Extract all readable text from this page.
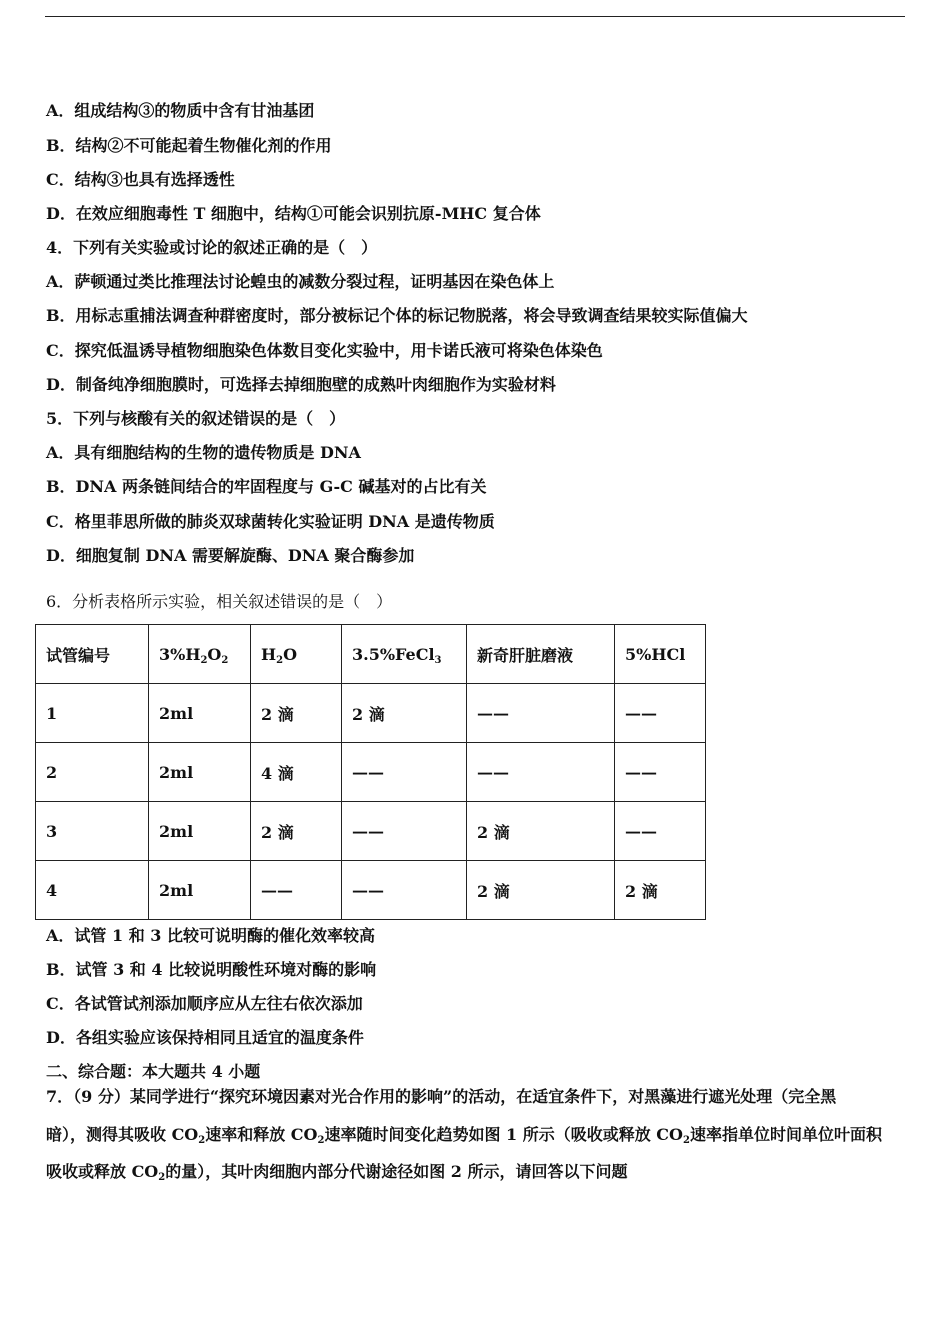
A．组成结构③的物质中含有甘油基团
B．结构②不可能起着生物催化剂的作用
C．结构③也具有选择透性
D．在效应细胞毒性 T 细胞中，结构①可能会识别抗原-MHC 复合体
4．下列有关实验或讨论的叙述正确的是（　）
A．萨顿通过类比推理法讨论蝗虫的减数分裂过程，证明基因在染色体上
B．用标志重捕法调查种群密度时，部分被标记个体的标记物脱落，将会导致调查结果较实际值偏大
C．探究低温诱导植物细胞染色体数目变化实验中，用卡诺氏液可将染色体染色
D．制备纯净细胞膜时，可选择去掉细胞壁的成熟叶肉细胞作为实验材料
5．下列与核酸有关的叙述错误的是（　）
A．具有细胞结构的生物的遗传物质是 DNA
B．DNA 两条链间结合的牢固程度与 G-C 碱基对的占比有关
C．格里菲思所做的肺炎双球菌转化实验证明 DNA 是遗传物质
D．细胞复制 DNA 需要解旋酶、DNA 聚合酶参加
6．分析表格所示实验，相关叙述错误的是（　）
试管编号	$3\%H_2O_2$	$H_2O$	3.5%FeCl$_3$	新奇肝脏磨液	5%HCl
1	2ml	2 滴	2 滴	——	——
2	2ml	4 滴	——	——	——
3	2ml	2 滴	——	2 滴	——
4	2ml	——	——	2 滴	2 滴
A．试管 1 和 3 比较可说明酶的催化效率较高
B．试管 3 和 4 比较说明酸性环境对酶的影响
C．各试管试剂添加顺序应从左往右依次添加
D．各组实验应该保持相同且适宜的温度条件
二、综合题：本大题共 4 小题
7．（9 分）某同学进行“探究环境因素对光合作用的影响”的活动，在适宜条件下，对黑藻进行遮光处理（完全黑
暗），测得其吸收 $CO_2$速率和释放 $CO_2$速率随时间变化趋势如图 1 所示（吸收或释放 $CO_2$速率指单位时间单位叶面积
吸收或释放 $CO_2$的量），其叶肉细胞内部分代谢途径如图 2 所示，请回答以下问题
